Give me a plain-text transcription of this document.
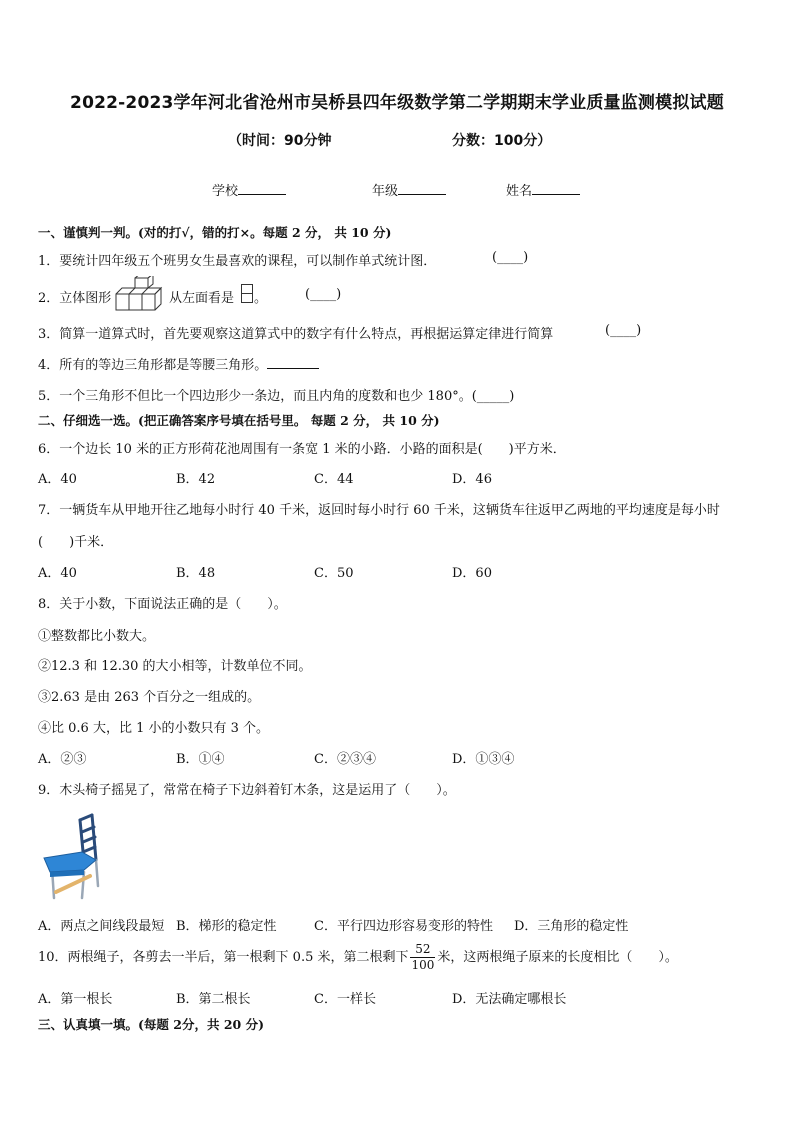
2022-2023学年河北省沧州市吴桥县四年级数学第二学期期末学业质量监测模拟试题
（时间：90分钟	分数：100分）
学校	年级	姓名
一、谨慎判一判。(对的打√，错的打×。每题 2 分， 共 10 分)
1．要统计四年级五个班男女生最喜欢的课程，可以制作单式统计图．	(____)
2．立体图形	从左面看是 。	(____)
3．简算一道算式时，首先要观察这道算式中的数字有什么特点，再根据运算定律进行简算	(____)
4．所有的等边三角形都是等腰三角形。
5．一个三角形不但比一个四边形少一条边，而且内角的度数和也少 180°。(_____)
二、仔细选一选。(把正确答案序号填在括号里。 每题 2 分， 共 10 分)
6．一个边长 10 米的正方形荷花池周围有一条宽 1 米的小路．小路的面积是(　　)平方米．
A．40	B．42	C．44	D．46
7．一辆货车从甲地开往乙地每小时行 40 千米，返回时每小时行 60 千米，这辆货车往返甲乙两地的平均速度是每小时
(　　)千米．
A．40	B．48	C．50	D．60
8．关于小数，下面说法正确的是（　　）。
①整数都比小数大。
②12.3 和 12.30 的大小相等，计数单位不同。
③2.63 是由 263 个百分之一组成的。
④比 0.6 大，比 1 小的小数只有 3 个。
A．②③	B．①④	C．②③④	D．①③④
9．木头椅子摇晃了，常常在椅子下边斜着钉木条，这是运用了（　　）。
A．两点之间线段最短 B．梯形的稳定性	C．平行四边形容易变形的特性 D．三角形的稳定性
10．两根绳子，各剪去一半后，第一根剩下 0.5 米，第二根剩下 $\frac{52}{100}$ 米，这两根绳子原来的长度相比（　　）。
A．第一根长	B．第二根长	C．一样长	D．无法确定哪根长
三、认真填一填。(每题 2分，共 20 分)
